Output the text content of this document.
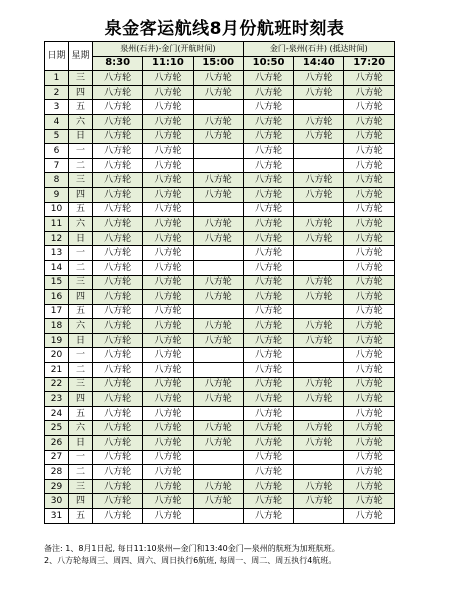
泉金客运航线8月份航班时刻表
日期	星期	泉州(石井)-金门(开航时间)			金门-泉州(石井) (抵达时间)		
		8:30	11:10	15:00	10:50	14:40	17:20
1	三	八方轮	八方轮	八方轮	八方轮	八方轮	八方轮
2	四	八方轮	八方轮	八方轮	八方轮	八方轮	八方轮
3	五	八方轮	八方轮		八方轮		八方轮
4	六	八方轮	八方轮	八方轮	八方轮	八方轮	八方轮
5	日	八方轮	八方轮	八方轮	八方轮	八方轮	八方轮
6	一	八方轮	八方轮		八方轮		八方轮
7	二	八方轮	八方轮		八方轮		八方轮
8	三	八方轮	八方轮	八方轮	八方轮	八方轮	八方轮
9	四	八方轮	八方轮	八方轮	八方轮	八方轮	八方轮
10	五	八方轮	八方轮		八方轮		八方轮
11	六	八方轮	八方轮	八方轮	八方轮	八方轮	八方轮
12	日	八方轮	八方轮	八方轮	八方轮	八方轮	八方轮
13	一	八方轮	八方轮		八方轮		八方轮
14	二	八方轮	八方轮		八方轮		八方轮
15	三	八方轮	八方轮	八方轮	八方轮	八方轮	八方轮
16	四	八方轮	八方轮	八方轮	八方轮	八方轮	八方轮
17	五	八方轮	八方轮		八方轮		八方轮
18	六	八方轮	八方轮	八方轮	八方轮	八方轮	八方轮
19	日	八方轮	八方轮	八方轮	八方轮	八方轮	八方轮
20	一	八方轮	八方轮		八方轮		八方轮
21	二	八方轮	八方轮		八方轮		八方轮
22	三	八方轮	八方轮	八方轮	八方轮	八方轮	八方轮
23	四	八方轮	八方轮	八方轮	八方轮	八方轮	八方轮
24	五	八方轮	八方轮		八方轮		八方轮
25	六	八方轮	八方轮	八方轮	八方轮	八方轮	八方轮
26	日	八方轮	八方轮	八方轮	八方轮	八方轮	八方轮
27	一	八方轮	八方轮		八方轮		八方轮
28	二	八方轮	八方轮		八方轮		八方轮
29	三	八方轮	八方轮	八方轮	八方轮	八方轮	八方轮
30	四	八方轮	八方轮	八方轮	八方轮	八方轮	八方轮
31	五	八方轮	八方轮		八方轮		八方轮
备注: 1、8月1日起, 每日11:10泉州—金门和13:40金门—泉州的航班为加班航班。
2、八方轮每周三、周四、周六、周日执行6航班, 每周一、周二、周五执行4航班。
